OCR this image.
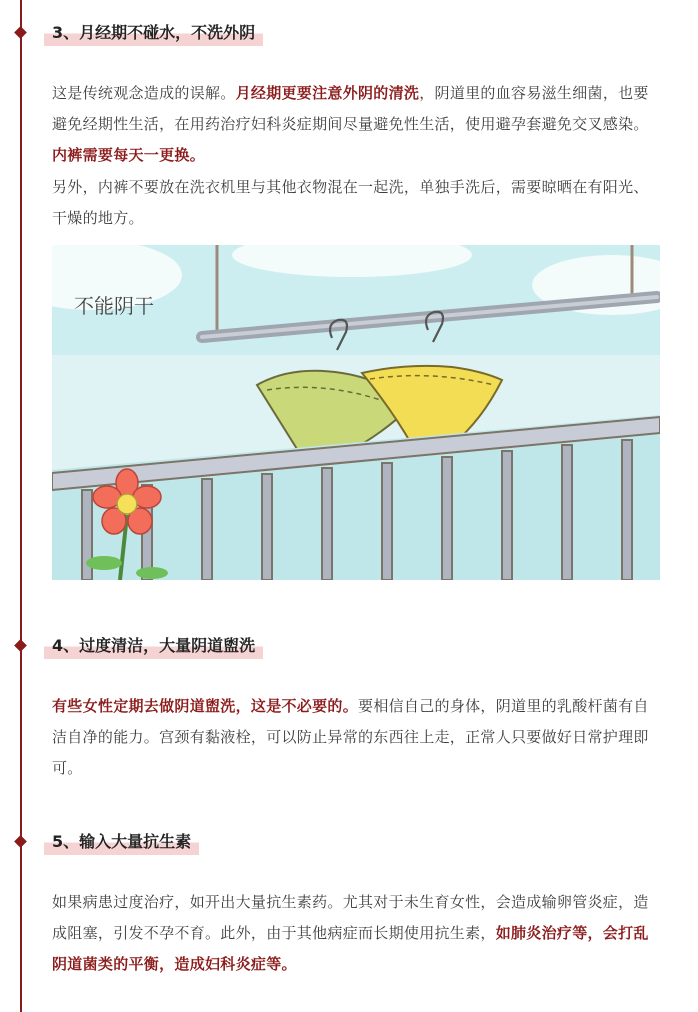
3、月经期不碰水，不洗外阴

这是传统观念造成的误解。月经期更要注意外阴的清洗，阴道里的血容易滋生细菌，也要避免经期性生活，在用药治疗妇科炎症期间尽量避免性生活，使用避孕套避免交叉感染。内裤需要每天一更换。

另外，内裤不要放在洗衣机里与其他衣物混在一起洗，单独手洗后，需要晾晒在有阳光、干燥的地方。

不能阴干
4、过度清洁，大量阴道盥洗

有些女性定期去做阴道盥洗，这是不必要的。要相信自己的身体，阴道里的乳酸杆菌有自洁自净的能力。宫颈有黏液栓，可以防止异常的东西往上走，正常人只要做好日常护理即可。

5、输入大量抗生素

如果病患过度治疗，如开出大量抗生素药。尤其对于未生育女性，会造成输卵管炎症，造成阻塞，引发不孕不育。此外，由于其他病症而长期使用抗生素，如肺炎治疗等，会打乱阴道菌类的平衡，造成妇科炎症等。
